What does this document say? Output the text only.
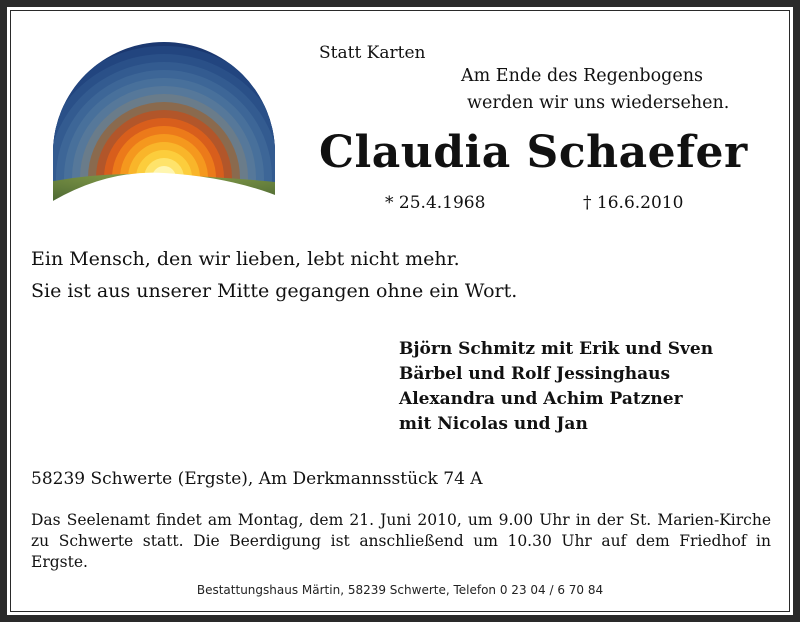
Statt Karten
Am Ende des Regenbogens
werden wir uns wiedersehen.
Claudia Schaefer
* 25.4.1968	† 16.6.2010
Ein Mensch, den wir lieben, lebt nicht mehr.
Sie ist aus unserer Mitte gegangen ohne ein Wort.
Björn Schmitz mit Erik und Sven
Bärbel und Rolf Jessinghaus
Alexandra und Achim Patzner
mit Nicolas und Jan
58239 Schwerte (Ergste), Am Derkmannsstück 74 A
Das Seelenamt findet am Montag, dem 21. Juni 2010, um 9.00 Uhr in der St. Marien-Kirche zu Schwerte statt. Die Beerdigung ist anschließend um 10.30 Uhr auf dem Friedhof in Ergste.
Bestattungshaus Märtin, 58239 Schwerte, Telefon 0 23 04 / 6 70 84
